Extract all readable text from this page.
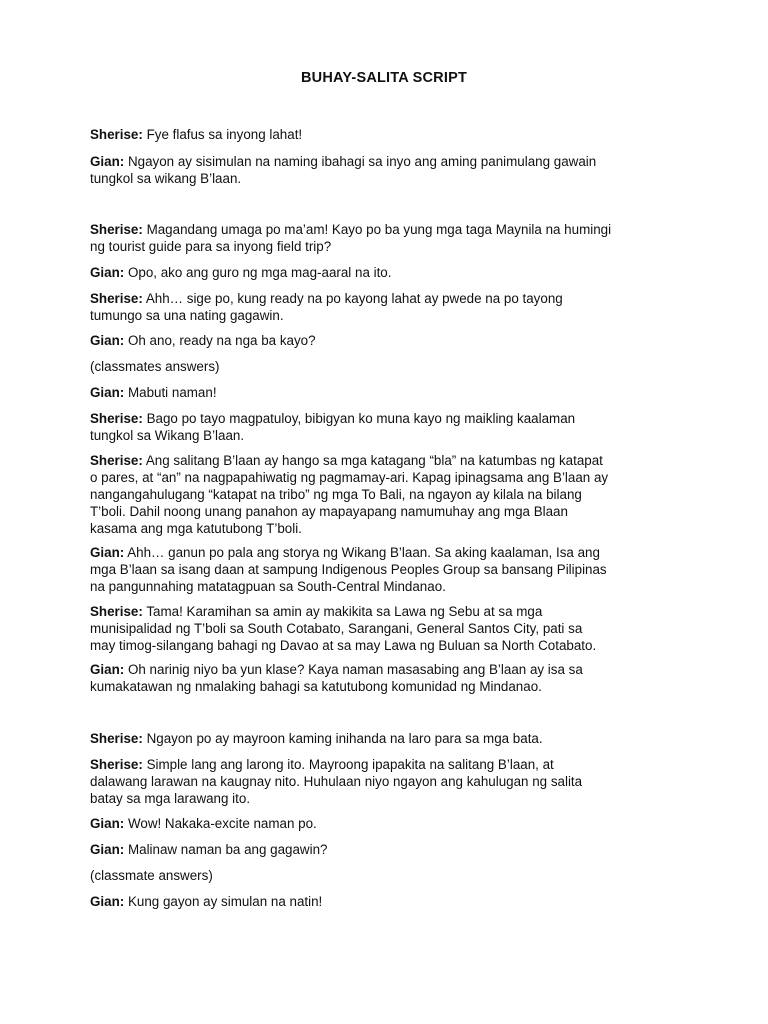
BUHAY-SALITA SCRIPT
Sherise: Fye flafus sa inyong lahat!
Gian: Ngayon ay sisimulan na naming ibahagi sa inyo ang aming panimulang gawain
tungkol sa wikang B’laan.
Sherise: Magandang umaga po ma’am! Kayo po ba yung mga taga Maynila na humingi
ng tourist guide para sa inyong field trip?
Gian: Opo, ako ang guro ng mga mag-aaral na ito.
Sherise: Ahh… sige po, kung ready na po kayong lahat ay pwede na po tayong
tumungo sa una nating gagawin.
Gian: Oh ano, ready na nga ba kayo?
(classmates answers)
Gian: Mabuti naman!
Sherise: Bago po tayo magpatuloy, bibigyan ko muna kayo ng maikling kaalaman
tungkol sa Wikang B’laan.
Sherise: Ang salitang B’laan ay hango sa mga katagang “bla” na katumbas ng katapat
o pares, at “an” na nagpapahiwatig ng pagmamay-ari. Kapag ipinagsama ang B’laan ay
nangangahulugang “katapat na tribo” ng mga To Bali, na ngayon ay kilala na bilang
T’boli. Dahil noong unang panahon ay mapayapang namumuhay ang mga Blaan
kasama ang mga katutubong T’boli.
Gian: Ahh… ganun po pala ang storya ng Wikang B’laan. Sa aking kaalaman, Isa ang
mga B’laan sa isang daan at sampung Indigenous Peoples Group sa bansang Pilipinas
na pangunnahing matatagpuan sa South-Central Mindanao.
Sherise: Tama! Karamihan sa amin ay makikita sa Lawa ng Sebu at sa mga
munisipalidad ng T’boli sa South Cotabato, Sarangani, General Santos City, pati sa
may timog-silangang bahagi ng Davao at sa may Lawa ng Buluan sa North Cotabato.
Gian: Oh narinig niyo ba yun klase? Kaya naman masasabing ang B’laan ay isa sa
kumakatawan ng nmalaking bahagi sa katutubong komunidad ng Mindanao.
Sherise: Ngayon po ay mayroon kaming inihanda na laro para sa mga bata.
Sherise: Simple lang ang larong ito. Mayroong ipapakita na salitang B’laan, at
dalawang larawan na kaugnay nito. Huhulaan niyo ngayon ang kahulugan ng salita
batay sa mga larawang ito.
Gian: Wow! Nakaka-excite naman po.
Gian: Malinaw naman ba ang gagawin?
(classmate answers)
Gian: Kung gayon ay simulan na natin!
